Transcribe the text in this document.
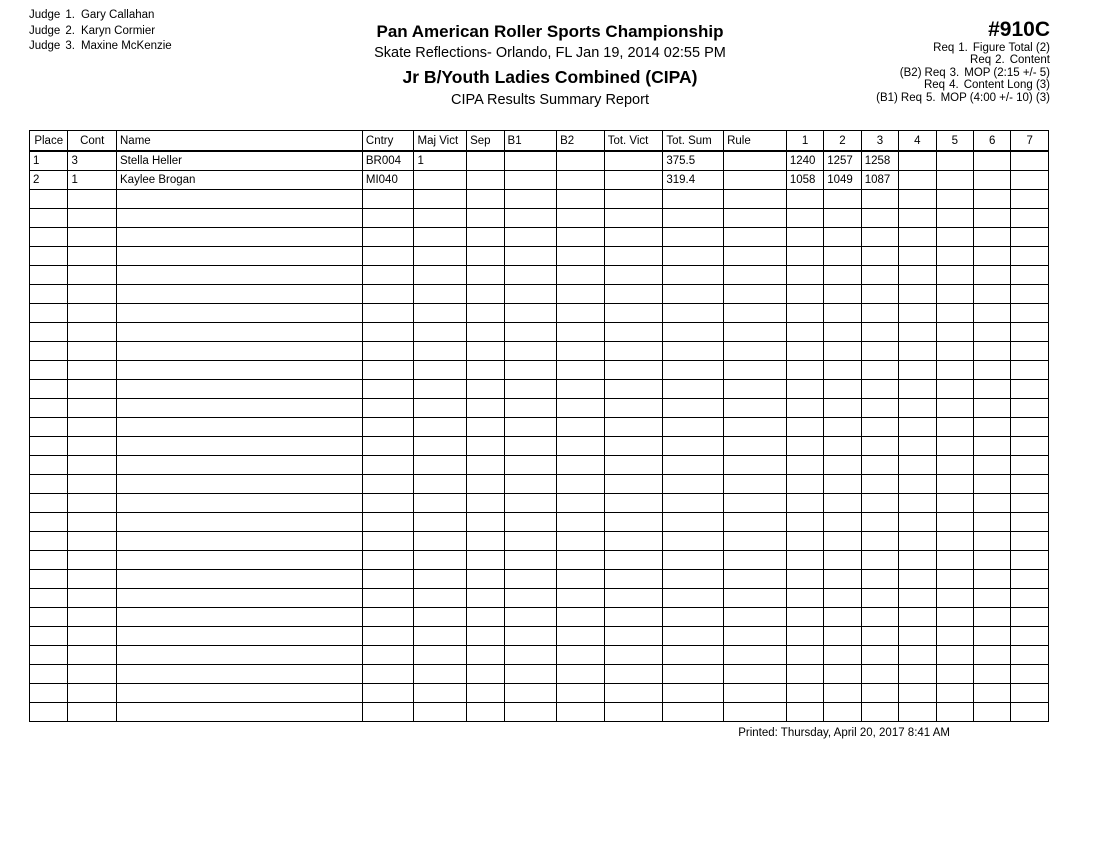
Judge 1. Gary Callahan
Judge 2. Karyn Cormier
Judge 3. Maxine McKenzie
Pan American Roller Sports Championship
Skate Reflections- Orlando, FL Jan 19, 2014 02:55 PM
Jr B/Youth Ladies Combined (CIPA)
CIPA Results Summary Report
#910C
Req 1. Figure Total (2)
Req 2. Content
(B2) Req 3. MOP (2:15 +/- 5)
Req 4. Content Long (3)
(B1) Req 5. MOP (4:00 +/- 10) (3)
Place	Cont	Name	Cntry	Maj Vict	Sep	B1	B2	Tot. Vict	Tot. Sum	Rule	1	2	3	4	5	6	7
1	3	Stella Heller	BR004	1					375.5		1240	1257	1258				
2	1	Kaylee Brogan	MI040						319.4		1058	1049	1087				

Printed: Thursday, April 20, 2017 8:41 AM
